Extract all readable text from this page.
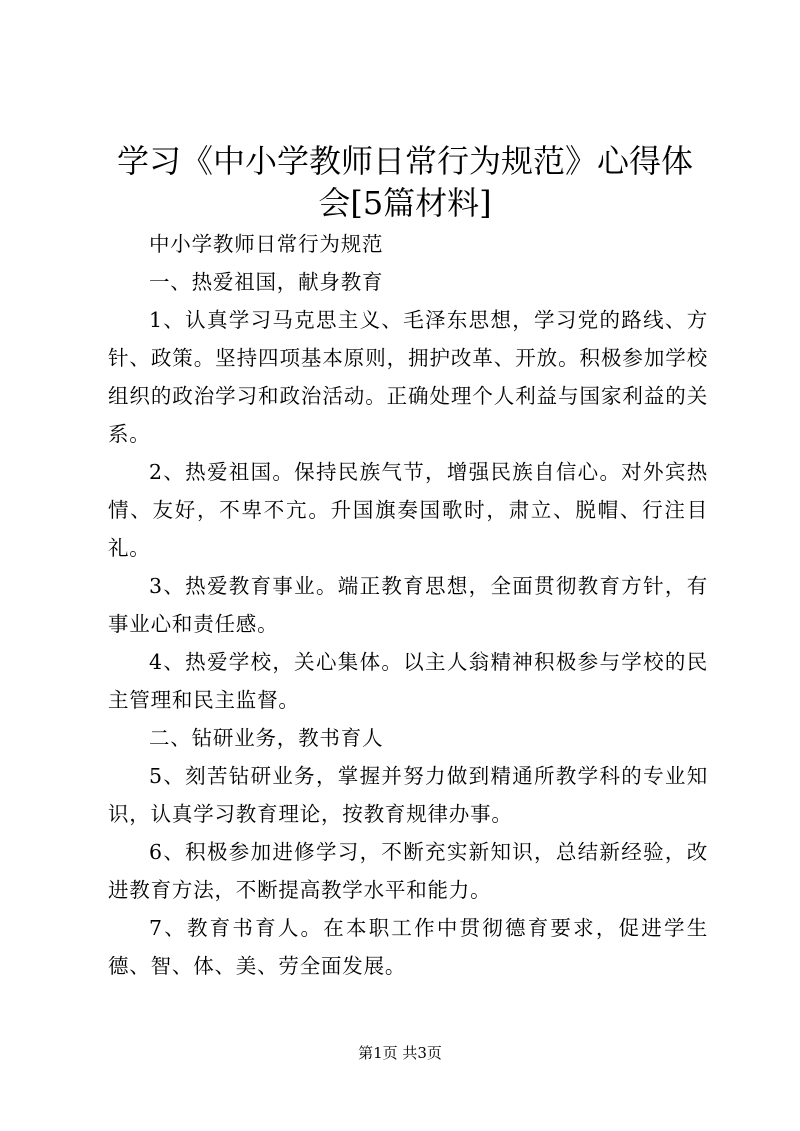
学习《中小学教师日常行为规范》心得体会[5篇材料]

中小学教师日常行为规范

一、热爱祖国，献身教育

1、认真学习马克思主义、毛泽东思想，学习党的路线、方针、政策。坚持四项基本原则，拥护改革、开放。积极参加学校组织的政治学习和政治活动。正确处理个人利益与国家利益的关系。

2、热爱祖国。保持民族气节，增强民族自信心。对外宾热情、友好，不卑不亢。升国旗奏国歌时，肃立、脱帽、行注目礼。

3、热爱教育事业。端正教育思想，全面贯彻教育方针，有事业心和责任感。

4、热爱学校，关心集体。以主人翁精神积极参与学校的民主管理和民主监督。

二、钻研业务，教书育人

5、刻苦钻研业务，掌握并努力做到精通所教学科的专业知识，认真学习教育理论，按教育规律办事。

6、积极参加进修学习，不断充实新知识，总结新经验，改进教育方法，不断提高教学水平和能力。

7、教育书育人。在本职工作中贯彻德育要求，促进学生德、智、体、美、劳全面发展。

第1页 共3页
